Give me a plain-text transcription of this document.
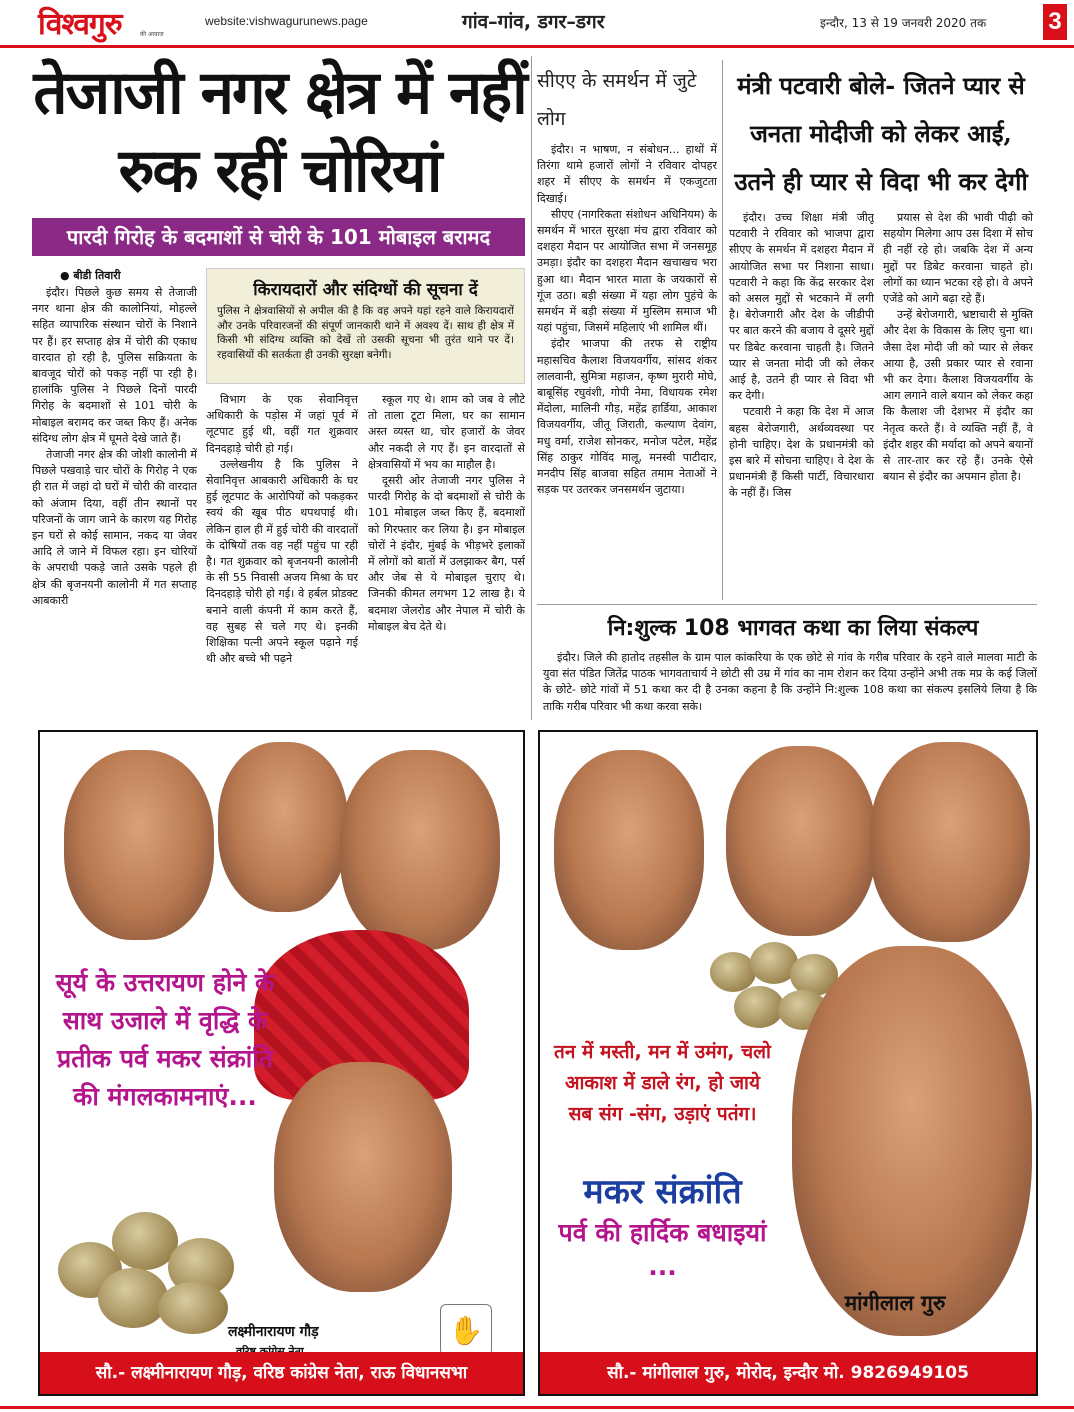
विश्वगुरु	की आवाज
website:vishwagurunews.page	गांव–गांव, डगर–डगर	इन्दौर, 13 से 19 जनवरी 2020 तक	3
तेजाजी नगर क्षेत्र में नहीं रुक रहीं चोरियां
पारदी गिरोह के बदमाशों से चोरी के 101 मोबाइल बरामद
● बीडी तिवारी

इंदौर। पिछले कुछ समय से तेजाजी नगर थाना क्षेत्र की कालोनियां, मोहल्ले सहित व्यापारिक संस्थान चोरों के निशाने पर हैं। हर सप्ताह क्षेत्र में चोरी की एकाध वारदात हो रही है, पुलिस सक्रियता के बावजूद चोरों को पकड़ नहीं पा रही है। हालांकि पुलिस ने पिछले दिनों पारदी गिरोह के बदमाशों से 101 चोरी के मोबाइल बरामद कर जब्त किए हैं। अनेक संदिग्ध लोग क्षेत्र में घूमते देखे जाते हैं।

तेजाजी नगर क्षेत्र की जोशी कालोनी में पिछले पखवाड़े चार चोरों के गिरोह ने एक ही रात में जहां दो घरों में चोरी की वारदात को अंजाम दिया, वहीं तीन स्थानों पर परिजनों के जाग जाने के कारण यह गिरोह इन घरों से कोई सामान, नकद या जेवर आदि ले जाने में विफल रहा। इन चोरियों के अपराधी पकड़े जाते उसके पहले ही क्षेत्र की बृजनयनी कालोनी में गत सप्ताह आबकारी

किरायदारों और संदिग्धों की सूचना दें
पुलिस ने क्षेत्रवासियों से अपील की है कि वह अपने यहां रहने वाले किरायदारों और उनके परिवारजनों की संपूर्ण जानकारी थाने में अवश्य दें। साथ ही क्षेत्र में किसी भी संदिग्ध व्यक्ति को देखें तो उसकी सूचना भी तुरंत थाने पर दें। रहवासियों की सतर्कता ही उनकी सुरक्षा बनेगी।

विभाग के एक सेवानिवृत्त अधिकारी के पड़ोस में जहां पूर्व में लूटपाट हुई थी, वहीं गत शुक्रवार दिनदहाड़े चोरी हो गई।

उल्लेखनीय है कि पुलिस ने सेवानिवृत्त आबकारी अधिकारी के घर हुई लूटपाट के आरोपियों को पकड़कर स्वयं की खूब पीठ थपथपाई थी। लेकिन हाल ही में हुई चोरी की वारदातों के दोषियों तक वह नहीं पहुंच पा रही है। गत शुक्रवार को बृजनयनी कालोनी के सी 55 निवासी अजय मिश्रा के घर दिनदहाड़े चोरी हो गई। वे हर्बल प्रोडक्ट बनाने वाली कंपनी में काम करते हैं, वह सुबह से चले गए थे। इनकी शिक्षिका पत्नी अपने स्कूल पढ़ाने गई थी और बच्चे भी पढ़ने

स्कूल गए थे। शाम को जब वे लौटे तो ताला टूटा मिला, घर का सामान अस्त व्यस्त था, चोर हजारों के जेवर और नकदी ले गए हैं। इन वारदातों से क्षेत्रवासियों में भय का माहौल है।

दूसरी ओर तेजाजी नगर पुलिस ने पारदी गिरोह के दो बदमाशों से चोरी के 101 मोबाइल जब्त किए हैं, बदमाशों को गिरफ्तार कर लिया है। इन मोबाइल चोरों ने इंदौर, मुंबई के भीड़भरे इलाकों में लोगों को बातों में उलझाकर बैग, पर्स और जेब से ये मोबाइल चुराए थे। जिनकी कीमत लगभग 12 लाख है। ये बदमाश जेलरोड और नेपाल में चोरी के मोबाइल बेच देते थे।

सीएए के समर्थन में जुटे लोग

इंदौर। न भाषण, न संबोधन... हाथों में तिरंगा थामे हजारों लोगों ने रविवार दोपहर शहर में सीएए के समर्थन में एकजुटता दिखाई।

सीएए (नागरिकता संशोधन अधिनियम) के समर्थन में भारत सुरक्षा मंच द्वारा रविवार को दशहरा मैदान पर आयोजित सभा में जनसमूह उमड़ा। इंदौर का दशहरा मैदान खचाखच भरा हुआ था। मैदान भारत माता के जयकारों से गूंज उठा। बड़ी संख्या में यहा लोग पुहंचे के समर्थन में बड़ी संख्या में मुस्लिम समाज भी यहां पहुंचा, जिसमें महिलाएं भी शामिल थीं।

इंदौर भाजपा की तरफ से राष्ट्रीय महासचिव कैलाश विजयवर्गीय, सांसद शंकर लालवानी, सुमित्रा महाजन, कृष्ण मुरारी मोघे, बाबूसिंह रघुवंशी, गोपी नेमा, विधायक रमेश मेंदोला, मालिनी गौड़, महेंद्र हार्डिया, आकाश विजयवर्गीय, जीतू जिराती, कल्याण देवांग, मधु वर्मा, राजेश सोनकर, मनोज पटेल, महेंद्र सिंह ठाकुर गोविंद मालू, मनस्वी पाटीदार, मनदीप सिंह बाजवा सहित तमाम नेताओं ने सड़क पर उतरकर जनसमर्थन जुटाया।

मंत्री पटवारी बोले- जितने प्यार से जनता मोदीजी को लेकर आई, उतने ही प्यार से विदा भी कर देगी

इंदौर। उच्च शिक्षा मंत्री जीतू पटवारी ने रविवार को भाजपा द्वारा सीएए के समर्थन में दशहरा मैदान में आयोजित सभा पर निशाना साधा। पटवारी ने कहा कि केंद्र सरकार देश को असल मुद्दों से भटकाने में लगी है। बेरोजगारी और देश के जीडीपी पर बात करने की बजाय वे दूसरे मुद्दों पर डिबेट करवाना चाहती है। जितने प्यार से जनता मोदी जी को लेकर आई है, उतने ही प्यार से विदा भी कर देगी।

पटवारी ने कहा कि देश में आज बहस बेरोजगारी, अर्थव्यवस्था पर होनी चाहिए। देश के प्रधानमंत्री को इस बारे में सोचना चाहिए। वे देश के प्रधानमंत्री हैं किसी पार्टी, विचारधारा के नहीं हैं। जिस

प्रयास से देश की भावी पीढ़ी को सहयोग मिलेगा आप उस दिशा में सोच ही नहीं रहे हो। जबकि देश में अन्य मुद्दों पर डिबेट करवाना चाहते हो। लोगों का ध्यान भटका रहे हो। वे अपने एजेंडे को आगे बढ़ा रहे हैं।

उन्हें बेरोजगारी, भ्रष्टाचारी से मुक्ति और देश के विकास के लिए चुना था। जैसा देश मोदी जी को प्यार से लेकर आया है, उसी प्रकार प्यार से रवाना भी कर देगा। कैलाश विजयवर्गीय के आग लगाने वाले बयान को लेकर कहा कि कैलाश जी देशभर में इंदौर का नेतृत्व करते हैं। वे व्यक्ति नहीं हैं, वे इंदौर शहर की मर्यादा को अपने बयानों से तार-तार कर रहे हैं। उनके ऐसे बयान से इंदौर का अपमान होता है।

नि:शुल्क 108 भागवत कथा का लिया संकल्प

इंदौर। जिले की हातोद तहसील के ग्राम पाल कांकरिया के एक छोटे से गांव के गरीब परिवार के रहने वाले मालवा माटी के युवा संत पंडित जितेंद्र पाठक भागवताचार्य ने छोटी सी उम्र में गांव का नाम रोशन कर दिया उन्होंने अभी तक मप्र के कई जिलों के छोटे- छोटे गांवों में 51 कथा कर दी है उनका कहना है कि उन्होंने नि:शुल्क 108 कथा का संकल्प इसलिये लिया है कि ताकि गरीब परिवार भी कथा करवा सके।

सूर्य के उत्तरायण होने के साथ उजाले में वृद्धि के प्रतीक पर्व मकर संक्रांति की मंगलकामनाएं...
लक्ष्मीनारायण गौड़	✋
सौ.- लक्ष्मीनारायण गौड़, वरिष्ठ कांग्रेस नेता, राऊ विधानसभा
तन में मस्ती, मन में उमंग, चलो आकाश में डाले रंग, हो जाये सब संग -संग, उड़ाएं पतंग।
मकर संक्रांति
पर्व की हार्दिक बधाइयां ...
मांगीलाल गुरु
सौ.- मांगीलाल गुरु, मोरोद, इन्दौर मो. 9826949105
